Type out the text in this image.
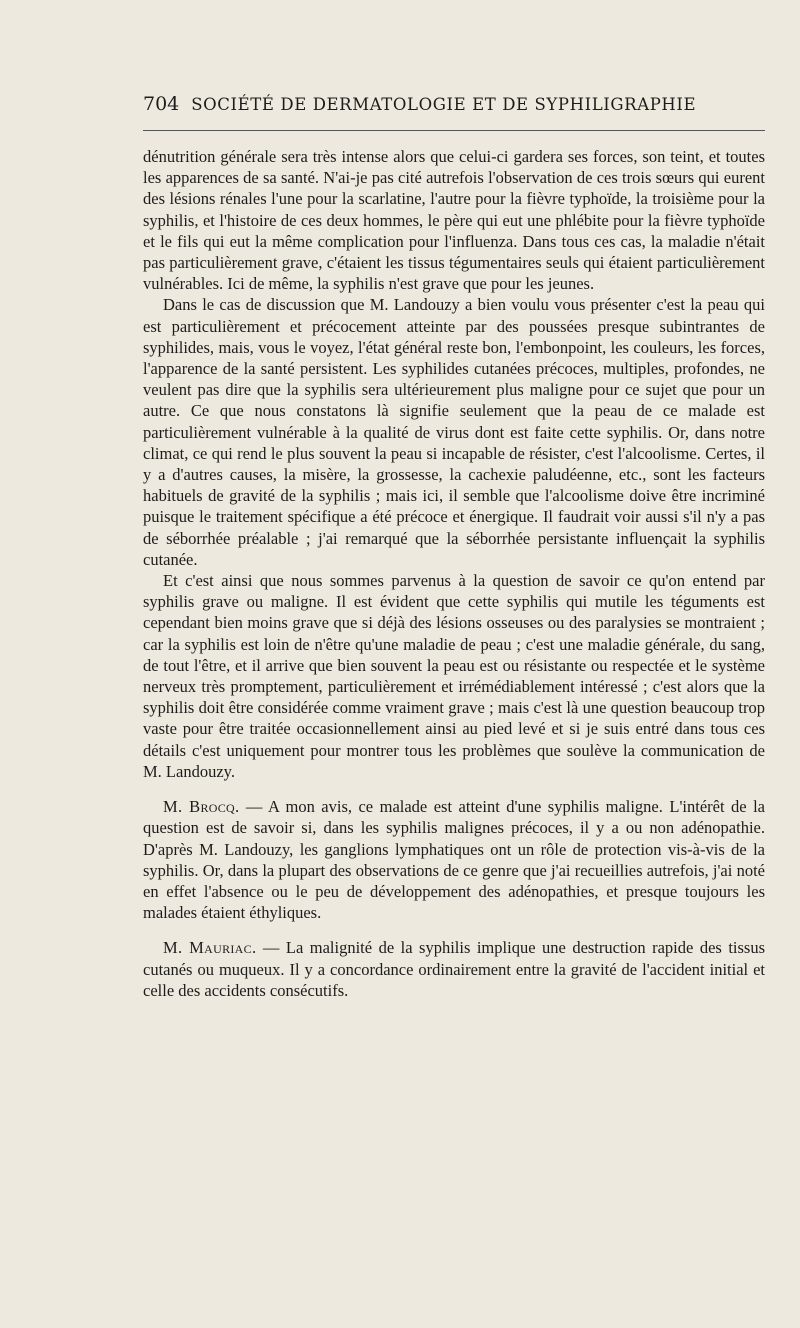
704 SOCIÉTÉ DE DERMATOLOGIE ET DE SYPHILIGRAPHIE

dénutrition générale sera très intense alors que celui-ci gardera ses forces, son teint, et toutes les apparences de sa santé. N'ai-je pas cité autrefois l'observation de ces trois sœurs qui eurent des lésions rénales l'une pour la scarlatine, l'autre pour la fièvre typhoïde, la troisième pour la syphilis, et l'histoire de ces deux hommes, le père qui eut une phlébite pour la fièvre typhoïde et le fils qui eut la même complication pour l'influenza. Dans tous ces cas, la maladie n'était pas particulièrement grave, c'étaient les tissus tégumentaires seuls qui étaient particulièrement vulnérables. Ici de même, la syphilis n'est grave que pour les jeunes.

Dans le cas de discussion que M. Landouzy a bien voulu vous présenter c'est la peau qui est particulièrement et précocement atteinte par des poussées presque subintrantes de syphilides, mais, vous le voyez, l'état général reste bon, l'embonpoint, les couleurs, les forces, l'apparence de la santé persistent. Les syphilides cutanées précoces, multiples, profondes, ne veulent pas dire que la syphilis sera ultérieurement plus maligne pour ce sujet que pour un autre. Ce que nous constatons là signifie seulement que la peau de ce malade est particulièrement vulnérable à la qualité de virus dont est faite cette syphilis. Or, dans notre climat, ce qui rend le plus souvent la peau si incapable de résister, c'est l'alcoolisme. Certes, il y a d'autres causes, la misère, la grossesse, la cachexie paludéenne, etc., sont les facteurs habituels de gravité de la syphilis ; mais ici, il semble que l'alcoolisme doive être incriminé puisque le traitement spécifique a été précoce et énergique. Il faudrait voir aussi s'il n'y a pas de séborrhée préalable ; j'ai remarqué que la séborrhée persistante influençait la syphilis cutanée.

Et c'est ainsi que nous sommes parvenus à la question de savoir ce qu'on entend par syphilis grave ou maligne. Il est évident que cette syphilis qui mutile les téguments est cependant bien moins grave que si déjà des lésions osseuses ou des paralysies se montraient ; car la syphilis est loin de n'être qu'une maladie de peau ; c'est une maladie générale, du sang, de tout l'être, et il arrive que bien souvent la peau est ou résistante ou respectée et le système nerveux très promptement, particulièrement et irrémédiablement intéressé ; c'est alors que la syphilis doit être considérée comme vraiment grave ; mais c'est là une question beaucoup trop vaste pour être traitée occasionnellement ainsi au pied levé et si je suis entré dans tous ces détails c'est uniquement pour montrer tous les problèmes que soulève la communication de M. Landouzy.

M. Brocq. — A mon avis, ce malade est atteint d'une syphilis maligne. L'intérêt de la question est de savoir si, dans les syphilis malignes précoces, il y a ou non adénopathie. D'après M. Landouzy, les ganglions lymphatiques ont un rôle de protection vis-à-vis de la syphilis. Or, dans la plupart des observations de ce genre que j'ai recueillies autrefois, j'ai noté en effet l'absence ou le peu de développement des adénopathies, et presque toujours les malades étaient éthyliques.

M. Mauriac. — La malignité de la syphilis implique une destruction rapide des tissus cutanés ou muqueux. Il y a concordance ordinairement entre la gravité de l'accident initial et celle des accidents consécutifs.
